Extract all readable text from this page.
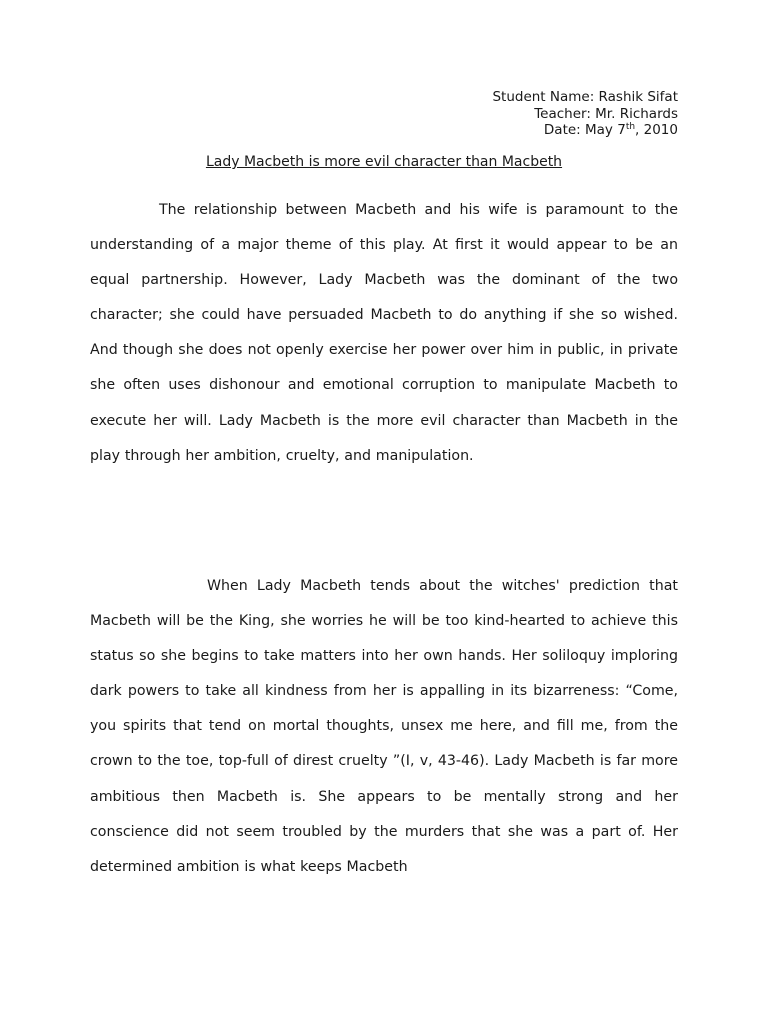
Student Name: Rashik Sifat
Teacher: Mr. Richards
Date: May 7th, 2010
Lady Macbeth is more evil character than Macbeth

The relationship between Macbeth and his wife is paramount to the understanding of a major theme of this play. At first it would appear to be an equal partnership. However, Lady Macbeth was the dominant of the two character; she could have persuaded Macbeth to do anything if she so wished. And though she does not openly exercise her power over him in public, in private she often uses dishonour and emotional corruption to manipulate Macbeth to execute her will. Lady Macbeth is the more evil character than Macbeth in the play through her ambition, cruelty, and manipulation.

When Lady Macbeth tends about the witches' prediction that Macbeth will be the King, she worries he will be too kind-hearted to achieve this status so she begins to take matters into her own hands. Her soliloquy imploring dark powers to take all kindness from her is appalling in its bizarreness: “Come, you spirits that tend on mortal thoughts, unsex me here, and fill me, from the crown to the toe, top-full of direst cruelty ”(I, v, 43-46). Lady Macbeth is far more ambitious then Macbeth is. She appears to be mentally strong and her conscience did not seem troubled by the murders that she was a part of. Her determined ambition is what keeps Macbeth
